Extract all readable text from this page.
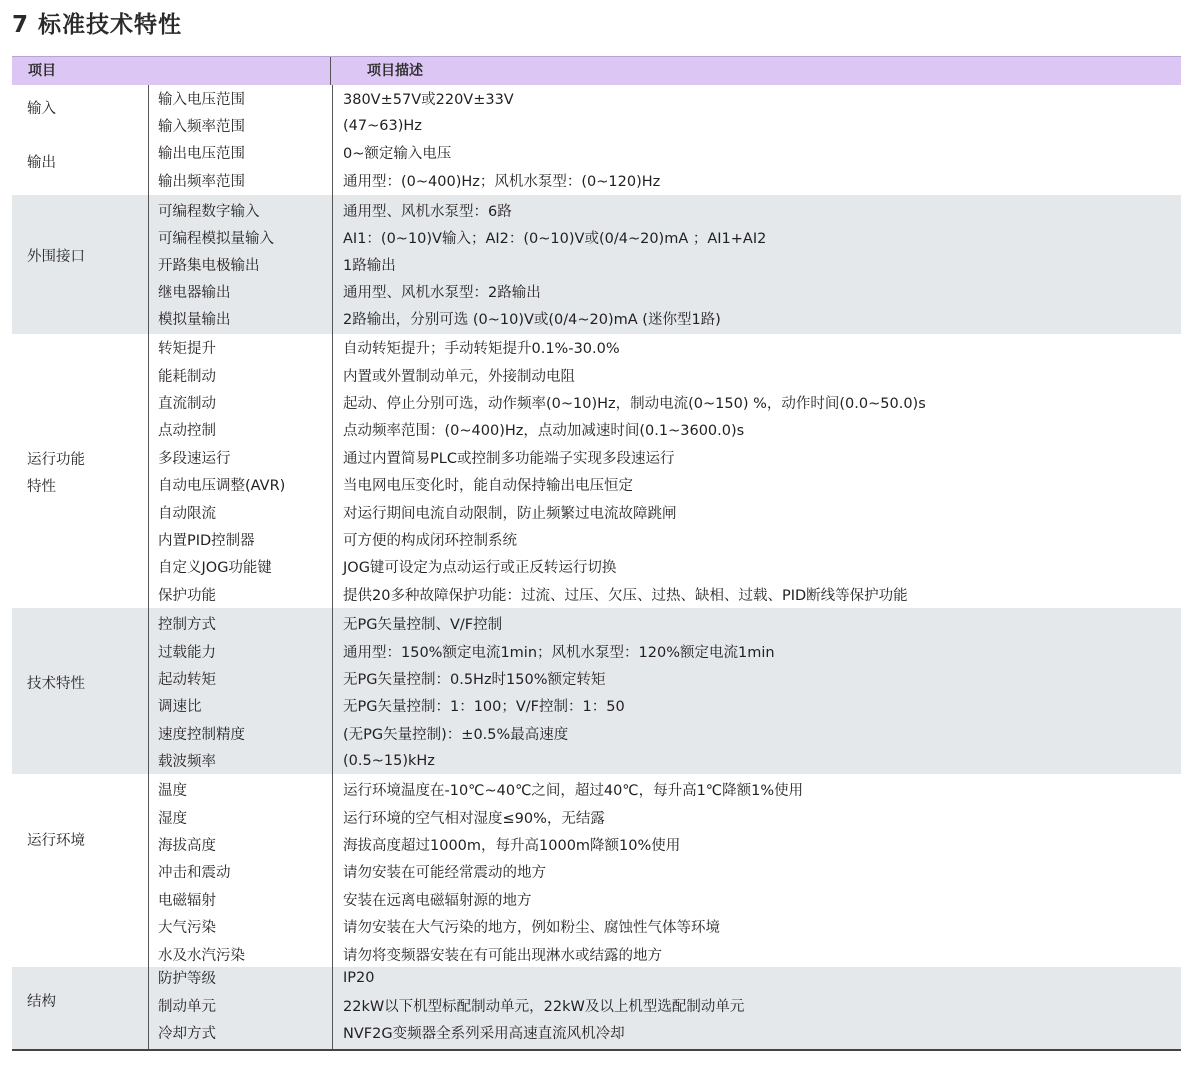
7 标准技术特性
项目	项目描述
输入
输出
输入电压范围	380V±57V或220V±33V
输入频率范围	(47~63)Hz
输出电压范围	0~额定输入电压
输出频率范围	通用型：(0~400)Hz；风机水泵型：(0~120)Hz
外围接口
可编程数字输入	通用型、风机水泵型：6路
可编程模拟量输入	AI1：(0~10)V输入；AI2：(0~10)V或(0/4~20)mA ；AI1+AI2
开路集电极输出	1路输出
继电器输出	通用型、风机水泵型：2路输出
模拟量输出	2路输出，分别可选 (0~10)V或(0/4~20)mA (迷你型1路)
运行功能
特性
转矩提升	自动转矩提升；手动转矩提升0.1%-30.0%
能耗制动	内置或外置制动单元，外接制动电阻
直流制动	起动、停止分别可选，动作频率(0~10)Hz，制动电流(0~150) %，动作时间(0.0~50.0)s
点动控制	点动频率范围：(0~400)Hz，点动加减速时间(0.1~3600.0)s
多段速运行	通过内置简易PLC或控制多功能端子实现多段速运行
自动电压调整(AVR)	当电网电压变化时，能自动保持输出电压恒定
自动限流	对运行期间电流自动限制，防止频繁过电流故障跳闸
内置PID控制器	可方便的构成闭环控制系统
自定义JOG功能键	JOG键可设定为点动运行或正反转运行切换
保护功能	提供20多种故障保护功能：过流、过压、欠压、过热、缺相、过载、PID断线等保护功能
技术特性
控制方式	无PG矢量控制、V/F控制
过载能力	通用型：150%额定电流1min；风机水泵型：120%额定电流1min
起动转矩	无PG矢量控制：0.5Hz时150%额定转矩
调速比	无PG矢量控制：1：100；V/F控制：1：50
速度控制精度	(无PG矢量控制)：±0.5%最高速度
载波频率	(0.5~15)kHz
运行环境
温度	运行环境温度在-10℃~40℃之间，超过40℃，每升高1℃降额1%使用
湿度	运行环境的空气相对湿度≤90%，无结露
海拔高度	海拔高度超过1000m，每升高1000m降额10%使用
冲击和震动	请勿安装在可能经常震动的地方
电磁辐射	安装在远离电磁辐射源的地方
大气污染	请勿安装在大气污染的地方，例如粉尘、腐蚀性气体等环境
水及水汽污染	请勿将变频器安装在有可能出现淋水或结露的地方
结构
防护等级	IP20
制动单元	22kW以下机型标配制动单元，22kW及以上机型选配制动单元
冷却方式	NVF2G变频器全系列采用高速直流风机冷却
